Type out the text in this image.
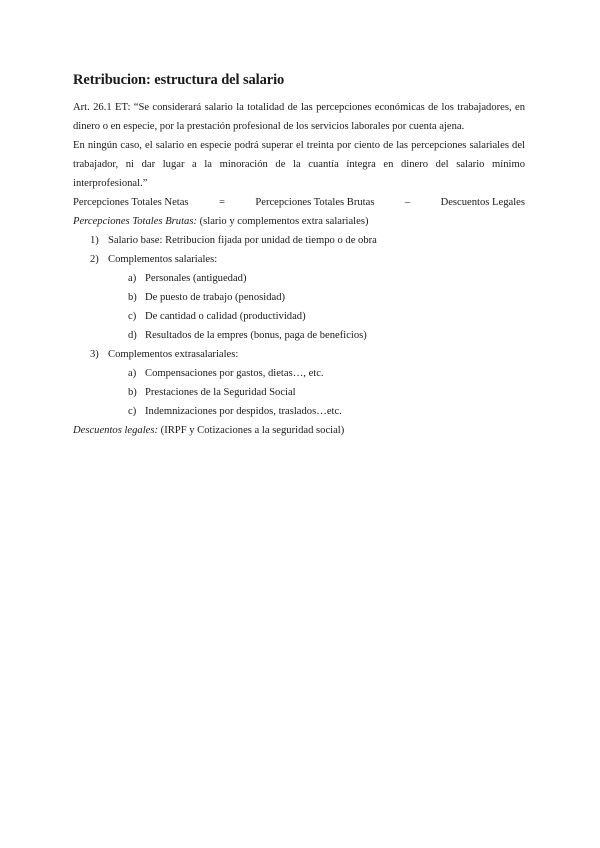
Retribucion: estructura del salario

Art. 26.1 ET: “Se considerará salario la totalidad de las percepciones económicas de los trabajadores, en dinero o en especie, por la prestación profesional de los servicios laborales por cuenta ajena.

En ningún caso, el salario en especie podrá superar el treinta por ciento de las percepciones salariales del trabajador, ni dar lugar a la minoración de la cuantía íntegra en dinero del salario mínimo interprofesional.”

Percepciones Totales Netas	=	Percepciones Totales Brutas	–	Descuentos Legales

Percepciones Totales Brutas: (slario y complementos extra salariales)

1) Salario base: Retribucion fijada por unidad de tiempo o de obra
2) Complementos salariales:
a) Personales (antiguedad)
b) De puesto de trabajo (penosidad)
c) De cantidad o calidad (productividad)
d) Resultados de la empres (bonus, paga de beneficios)
3) Complementos extrasalariales:
a) Compensaciones por gastos, dietas…, etc.
b) Prestaciones de la Seguridad Social
c) Indemnizaciones por despidos, traslados…etc.

Descuentos legales: (IRPF y Cotizaciones a la seguridad social)
